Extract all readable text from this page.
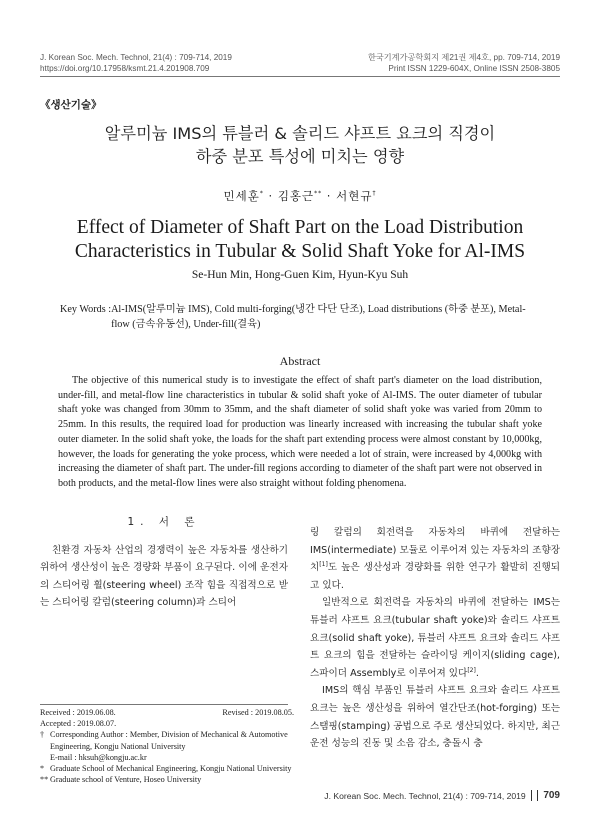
J. Korean Soc. Mech. Technol, 21(4) : 709-714, 2019	한국기계가공학회지 제21권 제4호, pp. 709-714, 2019
https://doi.org/10.17958/ksmt.21.4.201908.709	Print ISSN 1229-604X, Online ISSN 2508-3805
《생산기술》
알루미늄 IMS의 튜블러 & 솔리드 샤프트 요크의 직경이
하중 분포 특성에 미치는 영향
민세훈* · 김홍근** · 서현규†
Effect of Diameter of Shaft Part on the Load Distribution
Characteristics in Tubular & Solid Shaft Yoke for Al-IMS
Se-Hun Min, Hong-Guen Kim, Hyun-Kyu Suh
Key Words : Al-IMS(알루미늄 IMS), Cold multi-forging(냉간 다단 단조), Load distributions (하중 분포), Metal-flow (금속유동선), Under-fill(결육)
Abstract
The objective of this numerical study is to investigate the effect of shaft part's diameter on the load distribution, under-fill, and metal-flow line characteristics in tubular & solid shaft yoke of Al-IMS. The outer diameter of tubular shaft yoke was changed from 30mm to 35mm, and the shaft diameter of solid shaft yoke was varied from 20mm to 25mm. In this results, the required load for production was linearly increased with increasing the tubular shaft yoke outer diameter. In the solid shaft yoke, the loads for the shaft part extending process were almost constant by 10,000kg, however, the loads for generating the yoke process, which were needed a lot of strain, were increased by 4,000kg with increasing the diameter of shaft part. The under-fill regions according to diameter of the shaft part were not observed in both products, and the metal-flow lines were also straight without folding phenomena.
1. 서 론

친환경 자동차 산업의 경쟁력이 높은 자동차를 생산하기 위하여 생산성이 높은 경량화 부품이 요구된다. 이에 운전자의 스티어링 휠(steering wheel) 조작 힘을 직접적으로 받는 스티어링 칼럼(steering column)과 스티어

링 칼럼의 회전력을 자동차의 바퀴에 전달하는 IMS(intermediate) 모듈로 이루어져 있는 자동차의 조향장치[1]도 높은 생산성과 경량화를 위한 연구가 활발히 진행되고 있다.

일반적으로 회전력을 자동차의 바퀴에 전달하는 IMS는 튜블러 샤프트 요크(tubular shaft yoke)와 솔리드 샤프트 요크(solid shaft yoke), 튜블러 샤프트 요크와 솔리드 샤프트 요크의 힘을 전달하는 슬라이딩 케이지(sliding cage), 스파이더 Assembly로 이루어져 있다[2].

IMS의 핵심 부품인 튜블러 샤프트 요크와 솔리드 샤프트 요크는 높은 생산성을 위하여 열간단조(hot-forging) 또는 스탬핑(stamping) 공법으로 주로 생산되었다. 하지만, 최근 운전 성능의 진동 및 소음 감소, 충돌시 충

Received : 2019.06.08.	Revised : 2019.08.05.
Accepted : 2019.08.07.
† Corresponding Author : Member, Division of Mechanical & Automotive Engineering, Kongju National University
E-mail : hksuh@kongju.ac.kr
* Graduate School of Mechanical Engineering, Kongju National University
** Graduate school of Venture, Hoseo University
J. Korean Soc. Mech. Technol, 21(4) : 709-714, 2019 709
